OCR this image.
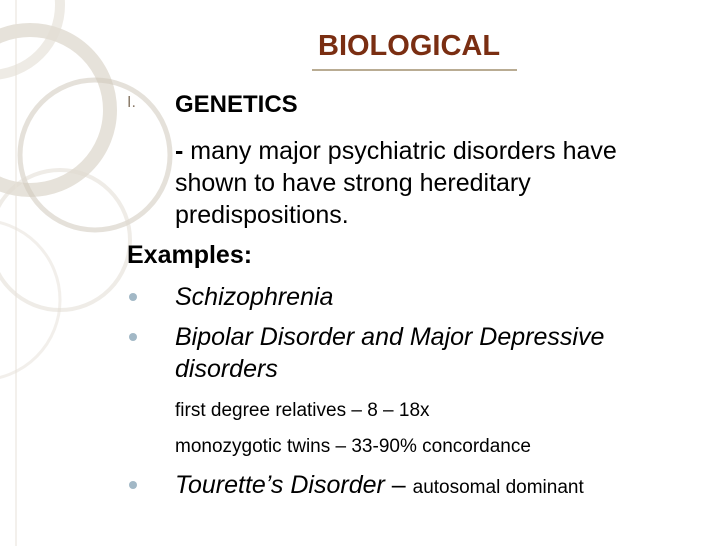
BIOLOGICAL
I. GENETICS
- many major psychiatric disorders have
shown to have strong hereditary
predispositions.
Examples:
Schizophrenia
Bipolar Disorder and Major Depressive
disorders
first degree relatives – 8 – 18x
monozygotic twins – 33-90% concordance
Tourette’s Disorder – autosomal dominant
